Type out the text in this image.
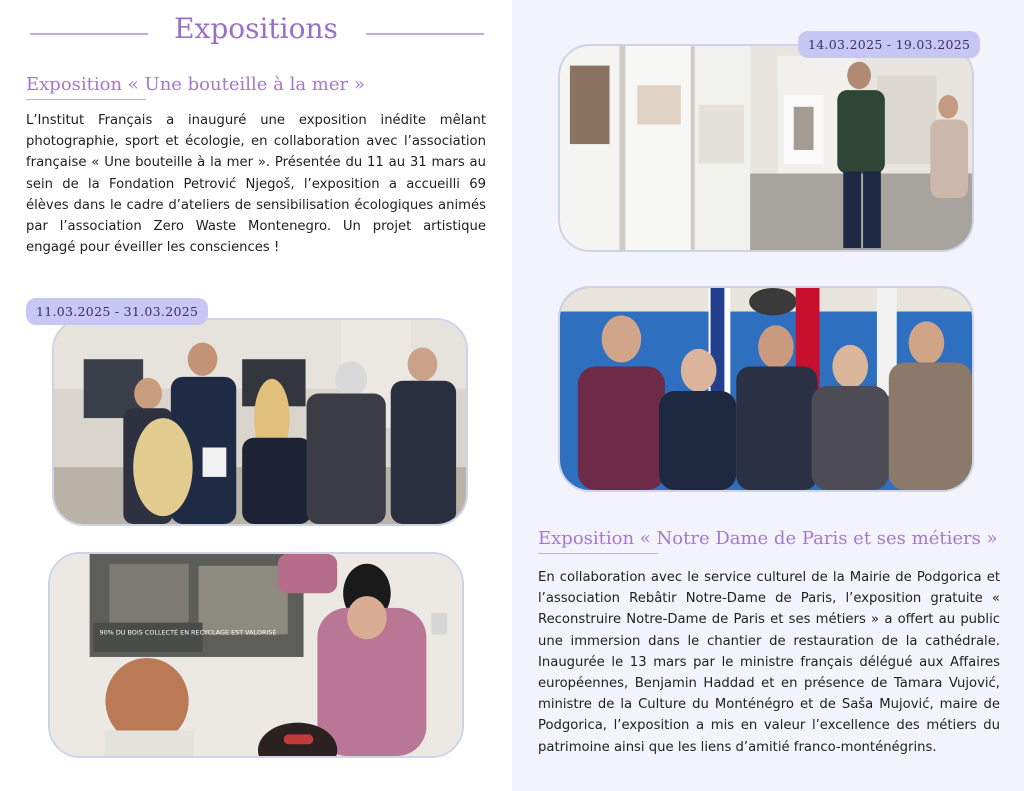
Expositions
Exposition « Une bouteille à la mer »
L’Institut Français a inauguré une exposition inédite mêlant photographie, sport et écologie, en collaboration avec l’association française « Une bouteille à la mer ». Présentée du 11 au 31 mars au sein de la Fondation Petrović Njegoš, l’exposition a accueilli 69 élèves dans le cadre d’ateliers de sensibilisation écologiques animés par l’association Zero Waste Montenegro. Un projet artistique engagé pour éveiller les consciences !
11.03.2025 - 31.03.2025
90% DU BOIS COLLECTÉ EN RECYCLAGE EST VALORISÉ
14.03.2025 - 19.03.2025
Exposition « Notre Dame de Paris et ses métiers »
En collaboration avec le service culturel de la Mairie de Podgorica et l’association Rebâtir Notre-Dame de Paris, l’exposition gratuite « Reconstruire Notre-Dame de Paris et ses métiers » a offert au public une immersion dans le chantier de restauration de la cathédrale. Inaugurée le 13 mars par le ministre français délégué aux Affaires européennes, Benjamin Haddad et en présence de Tamara Vujović, ministre de la Culture du Monténégro et de Saša Mujović, maire de Podgorica, l’exposition a mis en valeur l’excellence des métiers du patrimoine ainsi que les liens d’amitié franco-monténégrins.
